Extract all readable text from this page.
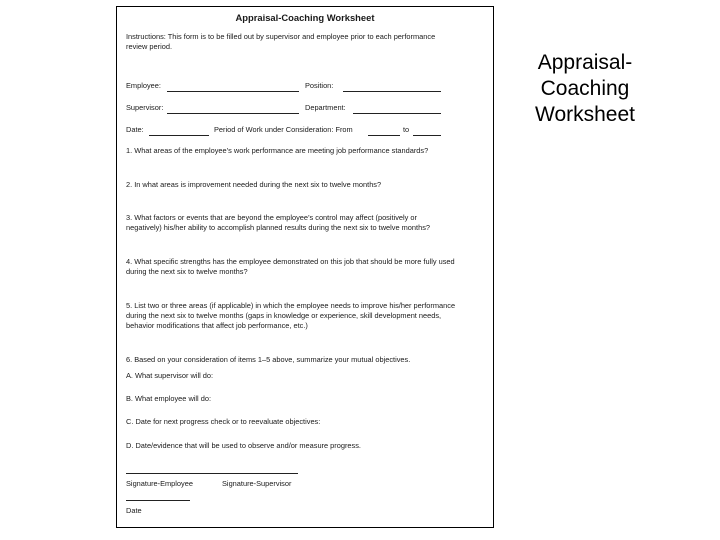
Appraisal-Coaching Worksheet
Instructions: This form is to be filled out by supervisor and employee prior to each performance
review period.
Employee:	Position:
Supervisor:	Department:
Date:	Period of Work under Consideration: From	to
1. What areas of the employee’s work performance are meeting job performance standards?
2. In what areas is improvement needed during the next six to twelve months?
3. What factors or events that are beyond the employee’s control may affect (positively or
negatively) his/her ability to accomplish planned results during the next six to twelve months?
4. What specific strengths has the employee demonstrated on this job that should be more fully used
during the next six to twelve months?
5. List two or three areas (if applicable) in which the employee needs to improve his/her performance
during the next six to twelve months (gaps in knowledge or experience, skill development needs,
behavior modifications that affect job performance, etc.)
6. Based on your consideration of items 1–5 above, summarize your mutual objectives.
A. What supervisor will do:
B. What employee will do:
C. Date for next progress check or to reevaluate objectives:
D. Date/evidence that will be used to observe and/or measure progress.
Signature-Employee	Signature-Supervisor
Date
Appraisal-
Coaching
Worksheet
